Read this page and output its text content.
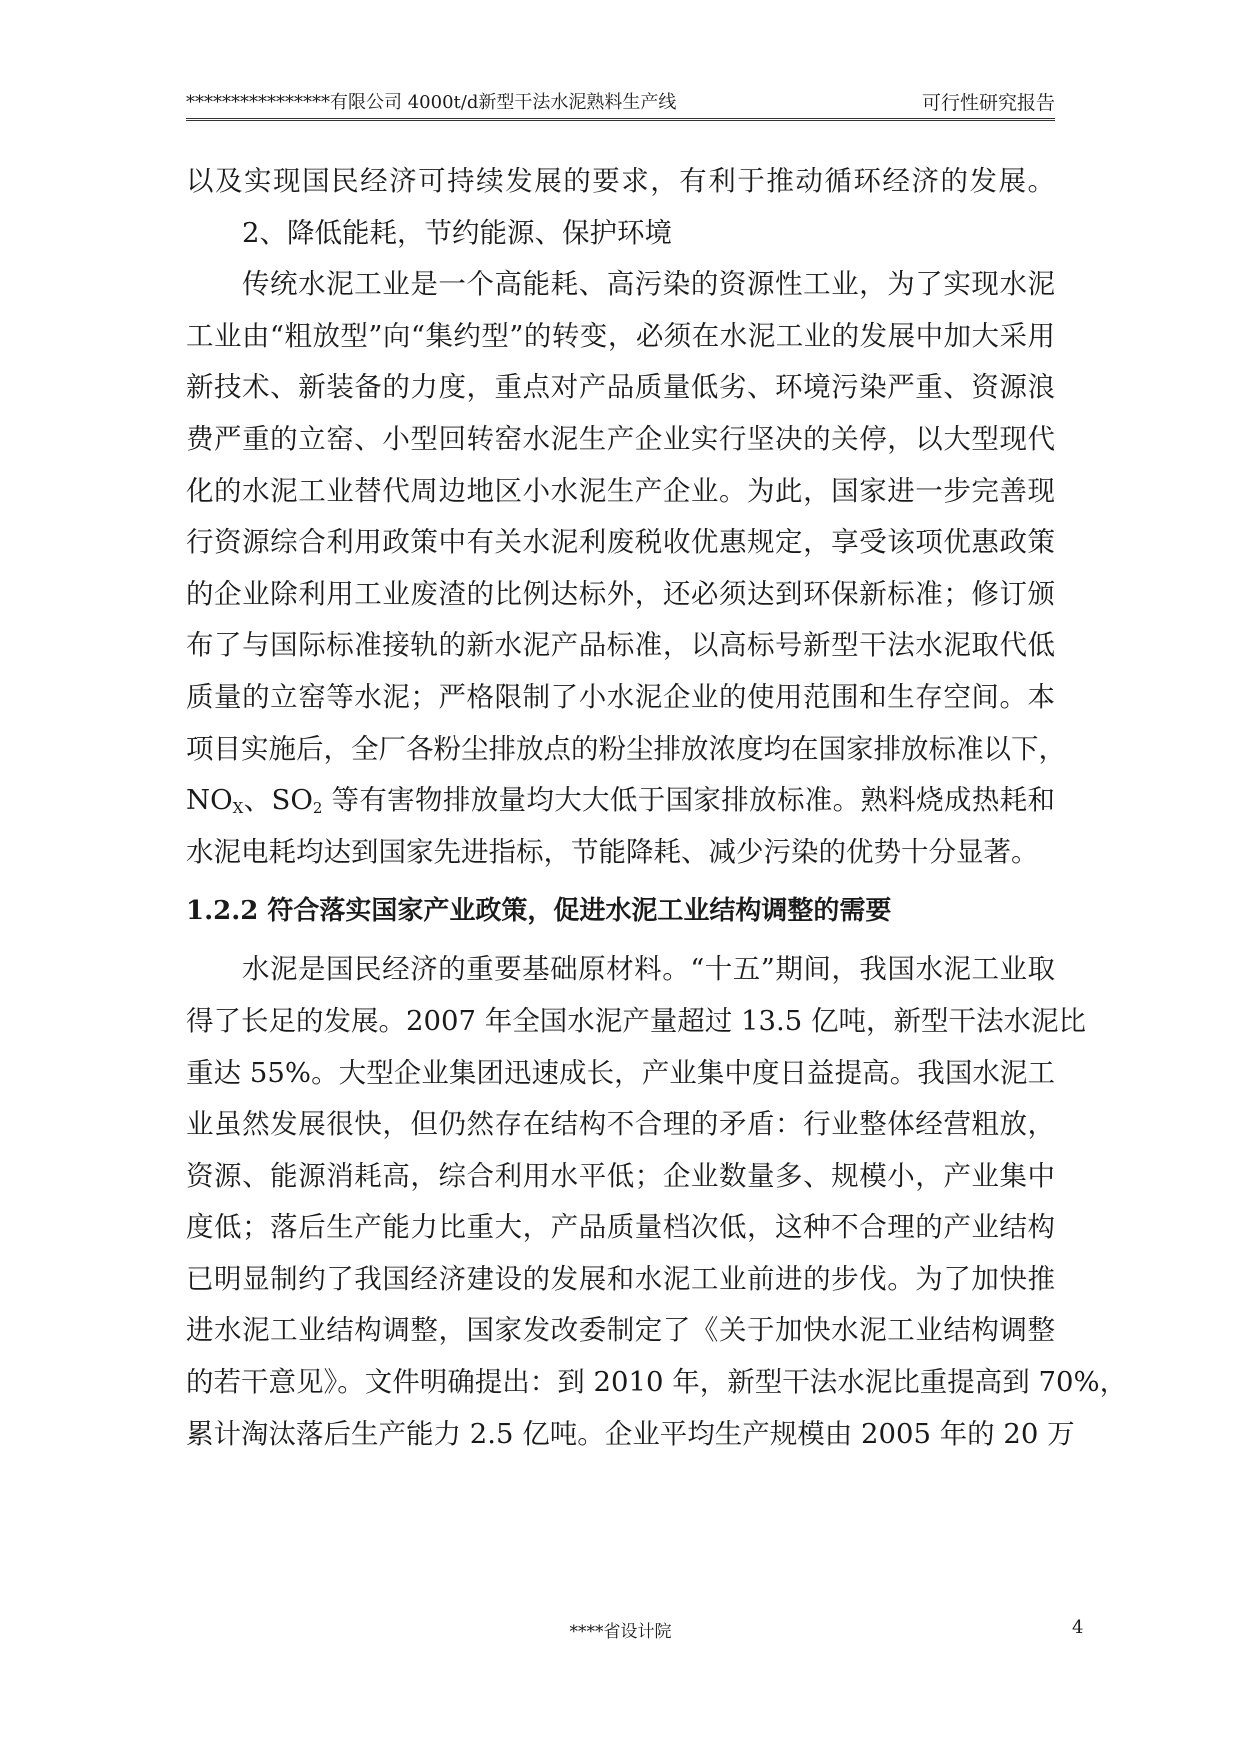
****************有限公司 4000t/d新型干法水泥熟料生产线	可行性研究报告
以及实现国民经济可持续发展的要求，有利于推动循环经济的发展。
2、降低能耗，节约能源、保护环境
传统水泥工业是一个高能耗、高污染的资源性工业，为了实现水泥
工业由“粗放型”向“集约型”的转变，必须在水泥工业的发展中加大采用
新技术、新装备的力度，重点对产品质量低劣、环境污染严重、资源浪
费严重的立窑、小型回转窑水泥生产企业实行坚决的关停，以大型现代
化的水泥工业替代周边地区小水泥生产企业。为此，国家进一步完善现
行资源综合利用政策中有关水泥利废税收优惠规定，享受该项优惠政策
的企业除利用工业废渣的比例达标外，还必须达到环保新标准；修订颁
布了与国际标准接轨的新水泥产品标准，以高标号新型干法水泥取代低
质量的立窑等水泥；严格限制了小水泥企业的使用范围和生存空间。本
项目实施后，全厂各粉尘排放点的粉尘排放浓度均在国家排放标准以下，
$NO_X$、$SO_2$ 等有害物排放量均大大低于国家排放标准。熟料烧成热耗和
水泥电耗均达到国家先进指标，节能降耗、减少污染的优势十分显著。
1.2.2 符合落实国家产业政策，促进水泥工业结构调整的需要
水泥是国民经济的重要基础原材料。“十五”期间，我国水泥工业取
得了长足的发展。2007 年全国水泥产量超过 13.5 亿吨，新型干法水泥比
重达 55%。大型企业集团迅速成长，产业集中度日益提高。我国水泥工
业虽然发展很快，但仍然存在结构不合理的矛盾：行业整体经营粗放，
资源、能源消耗高，综合利用水平低；企业数量多、规模小，产业集中
度低；落后生产能力比重大，产品质量档次低，这种不合理的产业结构
已明显制约了我国经济建设的发展和水泥工业前进的步伐。为了加快推
进水泥工业结构调整，国家发改委制定了《关于加快水泥工业结构调整
的若干意见》。文件明确提出：到 2010 年，新型干法水泥比重提高到 70%，
累计淘汰落后生产能力 2.5 亿吨。企业平均生产规模由 2005 年的 20 万
****省设计院	4
